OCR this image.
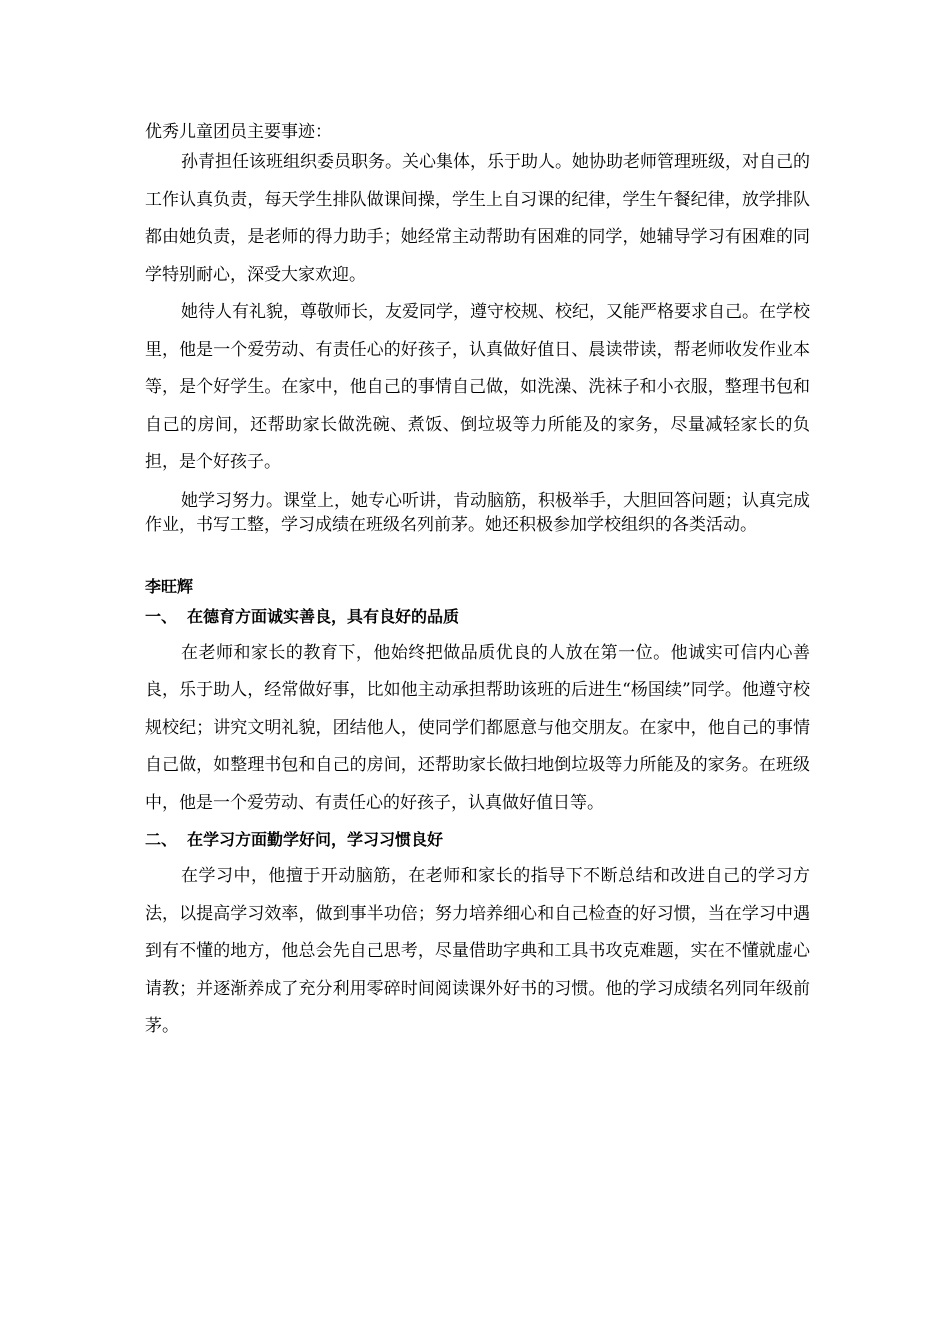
优秀儿童团员主要事迹：

孙青担任该班组织委员职务。关心集体，乐于助人。她协助老师管理班级，对自己的工作认真负责，每天学生排队做课间操，学生上自习课的纪律，学生午餐纪律，放学排队都由她负责，是老师的得力助手；她经常主动帮助有困难的同学，她辅导学习有困难的同学特别耐心，深受大家欢迎。

她待人有礼貌，尊敬师长，友爱同学，遵守校规、校纪，又能严格要求自己。在学校里，他是一个爱劳动、有责任心的好孩子，认真做好值日、晨读带读，帮老师收发作业本等，是个好学生。在家中，他自己的事情自己做，如洗澡、洗袜子和小衣服，整理书包和自己的房间，还帮助家长做洗碗、煮饭、倒垃圾等力所能及的家务，尽量减轻家长的负担，是个好孩子。

她学习努力。课堂上，她专心听讲，肯动脑筋，积极举手，大胆回答问题；认真完成作业，书写工整，学习成绩在班级名列前茅。她还积极参加学校组织的各类活动。

李旺辉

一、 在德育方面诚实善良，具有良好的品质

在老师和家长的教育下，他始终把做品质优良的人放在第一位。他诚实可信内心善良，乐于助人，经常做好事，比如他主动承担帮助该班的后进生“杨国续”同学。他遵守校规校纪；讲究文明礼貌，团结他人，使同学们都愿意与他交朋友。在家中，他自己的事情自己做，如整理书包和自己的房间，还帮助家长做扫地倒垃圾等力所能及的家务。在班级中，他是一个爱劳动、有责任心的好孩子，认真做好值日等。

二、 在学习方面勤学好问，学习习惯良好

在学习中，他擅于开动脑筋，在老师和家长的指导下不断总结和改进自己的学习方法，以提高学习效率，做到事半功倍；努力培养细心和自己检查的好习惯，当在学习中遇到有不懂的地方，他总会先自己思考，尽量借助字典和工具书攻克难题，实在不懂就虚心请教；并逐渐养成了充分利用零碎时间阅读课外好书的习惯。他的学习成绩名列同年级前茅。
